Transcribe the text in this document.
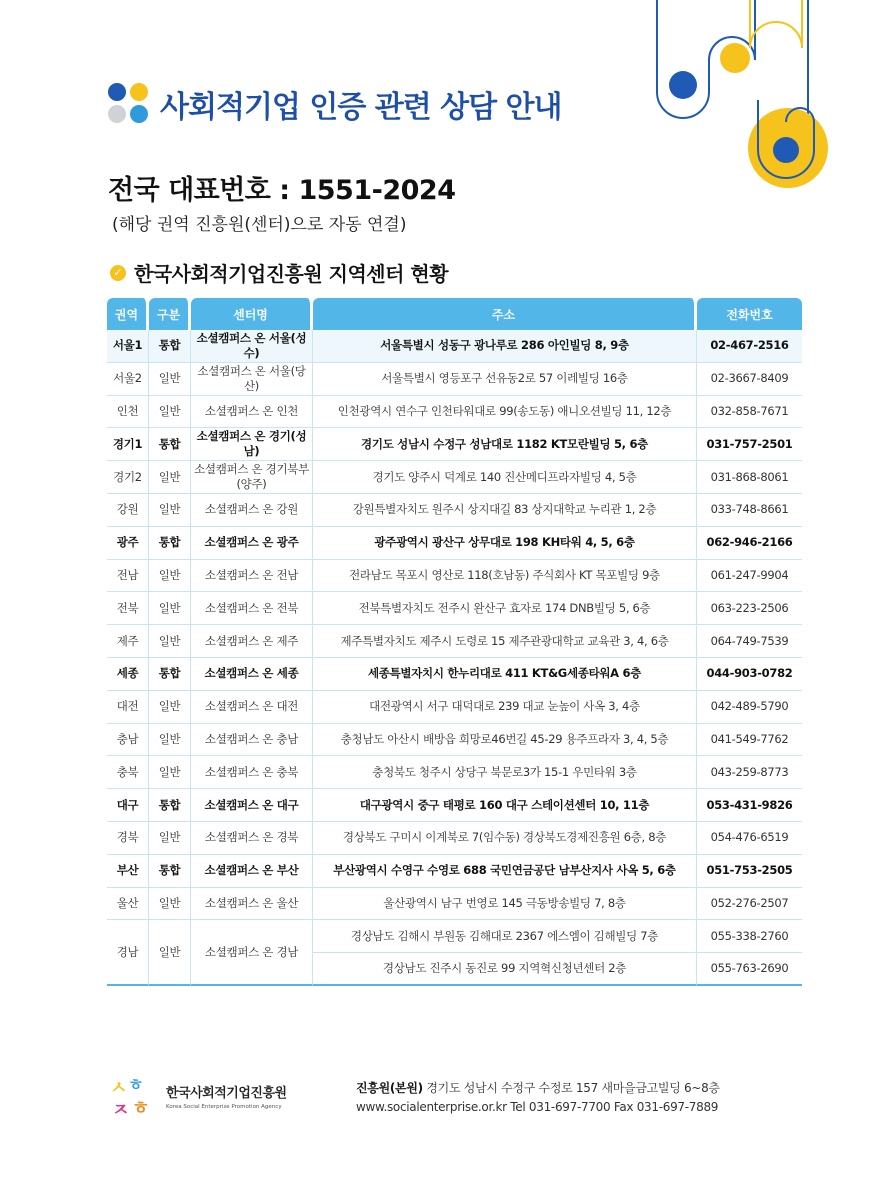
사회적기업 인증 관련 상담 안내
전국 대표번호 : 1551-2024
(해당 권역 진흥원(센터)으로 자동 연결)
✓ 한국사회적기업진흥원 지역센터 현황
권역	구분	센터명	주소	전화번호
서울1	통합	소셜캠퍼스 온 서울(성수)	서울특별시 성동구 광나루로 286 아인빌딩 8, 9층	02-467-2516
서울2	일반	소셜캠퍼스 온 서울(당산)	서울특별시 영등포구 선유동2로 57 이레빌딩 16층	02-3667-8409
인천	일반	소셜캠퍼스 온 인천	인천광역시 연수구 인천타워대로 99(송도동) 애니오션빌딩 11, 12층	032-858-7671
경기1	통합	소셜캠퍼스 온 경기(성남)	경기도 성남시 수정구 성남대로 1182 KT모란빌딩 5, 6층	031-757-2501
경기2	일반	소셜캠퍼스 온 경기북부(양주)	경기도 양주시 덕계로 140 진산메디프라자빌딩 4, 5층	031-868-8061
강원	일반	소셜캠퍼스 온 강원	강원특별자치도 원주시 상지대길 83 상지대학교 누리관 1, 2층	033-748-8661
광주	통합	소셜캠퍼스 온 광주	광주광역시 광산구 상무대로 198 KH타워 4, 5, 6층	062-946-2166
전남	일반	소셜캠퍼스 온 전남	전라남도 목포시 영산로 118(호남동) 주식회사 KT 목포빌딩 9층	061-247-9904
전북	일반	소셜캠퍼스 온 전북	전북특별자치도 전주시 완산구 효자로 174 DNB빌딩 5, 6층	063-223-2506
제주	일반	소셜캠퍼스 온 제주	제주특별자치도 제주시 도령로 15 제주관광대학교 교육관 3, 4, 6층	064-749-7539
세종	통합	소셜캠퍼스 온 세종	세종특별자치시 한누리대로 411 KT&G세종타워A 6층	044-903-0782
대전	일반	소셜캠퍼스 온 대전	대전광역시 서구 대덕대로 239 대교 눈높이 사옥 3, 4층	042-489-5790
충남	일반	소셜캠퍼스 온 충남	충청남도 아산시 배방읍 희망로46번길 45-29 용주프라자 3, 4, 5층	041-549-7762
충북	일반	소셜캠퍼스 온 충북	충청북도 청주시 상당구 북문로3가 15-1 우민타워 3층	043-259-8773
대구	통합	소셜캠퍼스 온 대구	대구광역시 중구 태평로 160 대구 스테이션센터 10, 11층	053-431-9826
경북	일반	소셜캠퍼스 온 경북	경상북도 구미시 이계북로 7(임수동) 경상북도경제진흥원 6층, 8층	054-476-6519
부산	통합	소셜캠퍼스 온 부산	부산광역시 수영구 수영로 688 국민연금공단 남부산지사 사옥 5, 6층	051-753-2505
울산	일반	소셜캠퍼스 온 울산	울산광역시 남구 번영로 145 극동방송빌딩 7, 8층	052-276-2507
경남	일반	소셜캠퍼스 온 경남	경상남도 김해시 부원동 김해대로 2367 에스엠이 김해빌딩 7층	055-338-2760
			경상남도 진주시 동진로 99 지역혁신청년센터 2층	055-763-2690
ㅅ ㅎ
ㅈ ㅎ
한국사회적기업진흥원
Korea Social Enterprise Promotion Agency
진흥원(본원) 경기도 성남시 수정구 수정로 157 새마을금고빌딩 6~8층
www.socialenterprise.or.kr Tel 031-697-7700 Fax 031-697-7889
